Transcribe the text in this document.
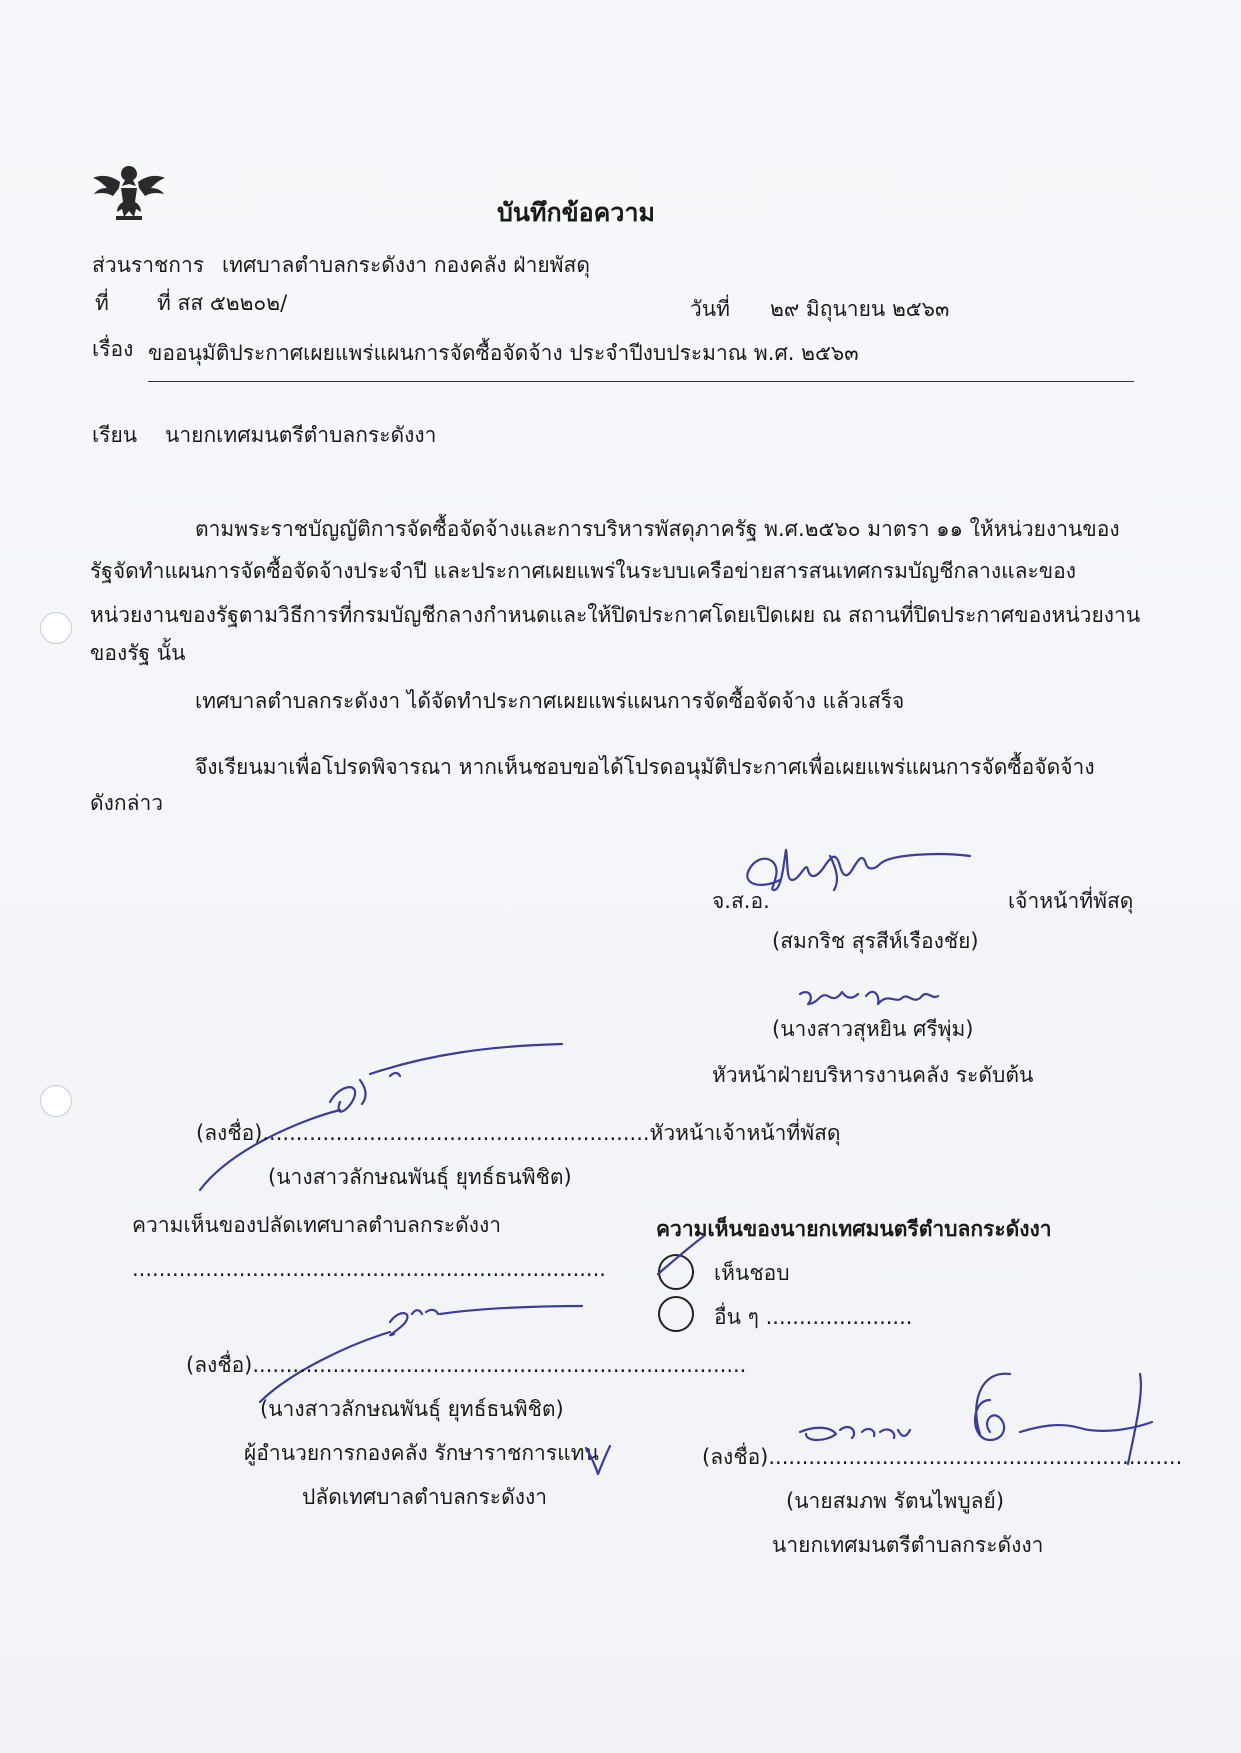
บันทึกข้อความ
ส่วนราชการ เทศบาลตำบลกระดังงา กองคลัง ฝ่ายพัสดุ
ที่ ที่ สส ๕๒๒๐๒/	วันที่ ๒๙ มิถุนายน ๒๕๖๓
เรื่อง ขออนุมัติประกาศเผยแพร่แผนการจัดซื้อจัดจ้าง ประจำปีงบประมาณ พ.ศ. ๒๕๖๓
เรียน นายกเทศมนตรีตำบลกระดังงา
ตามพระราชบัญญัติการจัดซื้อจัดจ้างและการบริหารพัสดุภาครัฐ พ.ศ.๒๕๖๐ มาตรา ๑๑ ให้หน่วยงานของ
รัฐจัดทำแผนการจัดซื้อจัดจ้างประจำปี และประกาศเผยแพร่ในระบบเครือข่ายสารสนเทศกรมบัญชีกลางและของ
หน่วยงานของรัฐตามวิธีการที่กรมบัญชีกลางกำหนดและให้ปิดประกาศโดยเปิดเผย ณ สถานที่ปิดประกาศของหน่วยงาน
ของรัฐ นั้น
เทศบาลตำบลกระดังงา ได้จัดทำประกาศเผยแพร่แผนการจัดซื้อจัดจ้าง แล้วเสร็จ
จึงเรียนมาเพื่อโปรดพิจารณา หากเห็นชอบขอได้โปรดอนุมัติประกาศเพื่อเผยแพร่แผนการจัดซื้อจัดจ้าง
ดังกล่าว
จ.ส.อ.	เจ้าหน้าที่พัสดุ
(สมกริช สุรสีห์เรืองชัย)
(นางสาวสุหยิน ศรีพุ่ม)
หัวหน้าฝ่ายบริหารงานคลัง ระดับต้น
(ลงชื่อ)..........................................................หัวหน้าเจ้าหน้าที่พัสดุ
(นางสาวลักษณพันธุ์ ยุทธ์ธนพิชิต)
ความเห็นของปลัดเทศบาลตำบลกระดังงา
.......................................................................
(ลงชื่อ)..........................................................................
(นางสาวลักษณพันธุ์ ยุทธ์ธนพิชิต)
ผู้อำนวยการกองคลัง รักษาราชการแทน
ปลัดเทศบาลตำบลกระดังงา
ความเห็นของนายกเทศมนตรีตำบลกระดังงา
เห็นชอบ
อื่น ๆ ......................
(ลงชื่อ)..............................................................
(นายสมภพ รัตนไพบูลย์)
นายกเทศมนตรีตำบลกระดังงา
